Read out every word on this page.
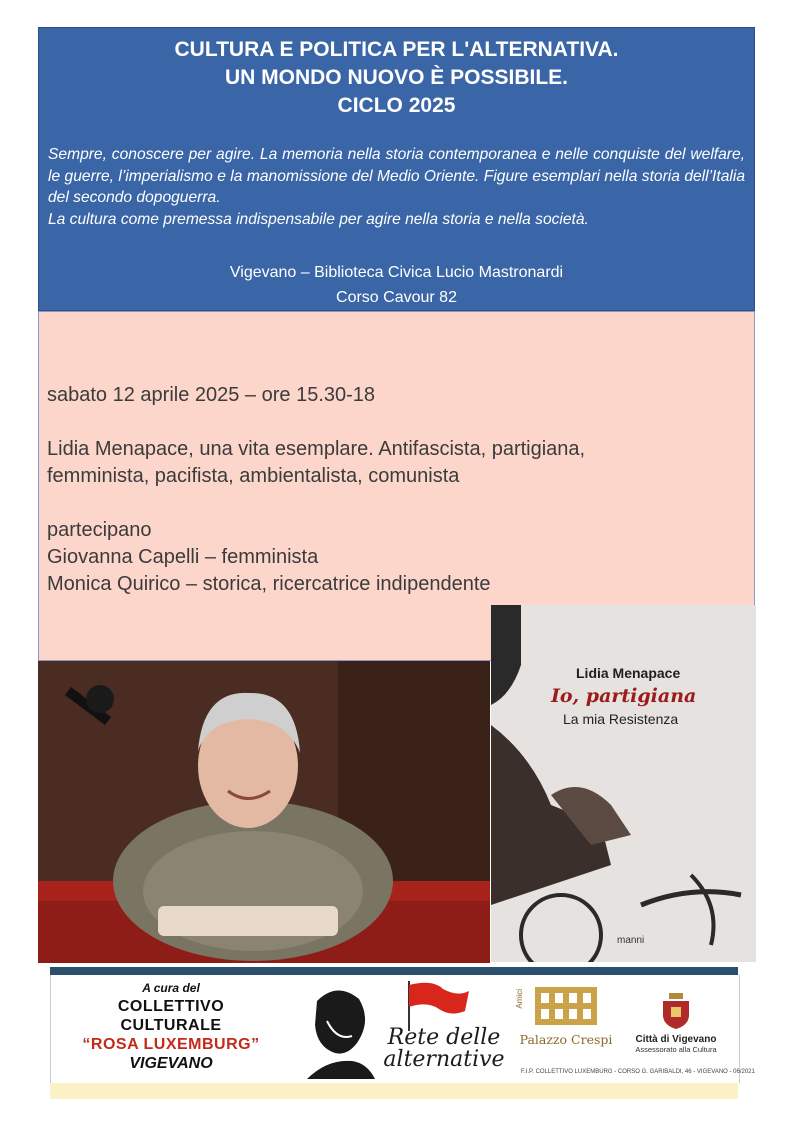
CULTURA E POLITICA PER L'ALTERNATIVA.
UN MONDO NUOVO È POSSIBILE.
CICLO 2025

Sempre, conoscere per agire. La memoria nella storia contemporanea e nelle conquiste del welfare, le guerre, l’imperialismo e la manomissione del Medio Oriente. Figure esemplari nella storia dell’Italia del secondo dopoguerra.

La cultura come premessa indispensabile per agire nella storia e nella società.

Vigevano – Biblioteca Civica Lucio Mastronardi
Corso Cavour 82
sabato 12 aprile 2025 – ore 15.30-18
Lidia Menapace, una vita esemplare. Antifascista, partigiana,
femminista, pacifista, ambientalista, comunista
partecipano
Giovanna Capelli – femminista
Monica Quirico – storica, ricercatrice indipendente
Lidia Menapace
Io, partigiana
La mia Resistenza
manni
A cura del
COLLETTIVO
CULTURALE
“ROSA LUXEMBURG”
VIGEVANO
Rete delle
alternative
Amici
Palazzo Crespi	Città di Vigevano
Assessorato alla Cultura
F.I.P. COLLETTIVO LUXEMBURG - CORSO G. GARIBALDI, 46 - VIGEVANO - 06/2021
